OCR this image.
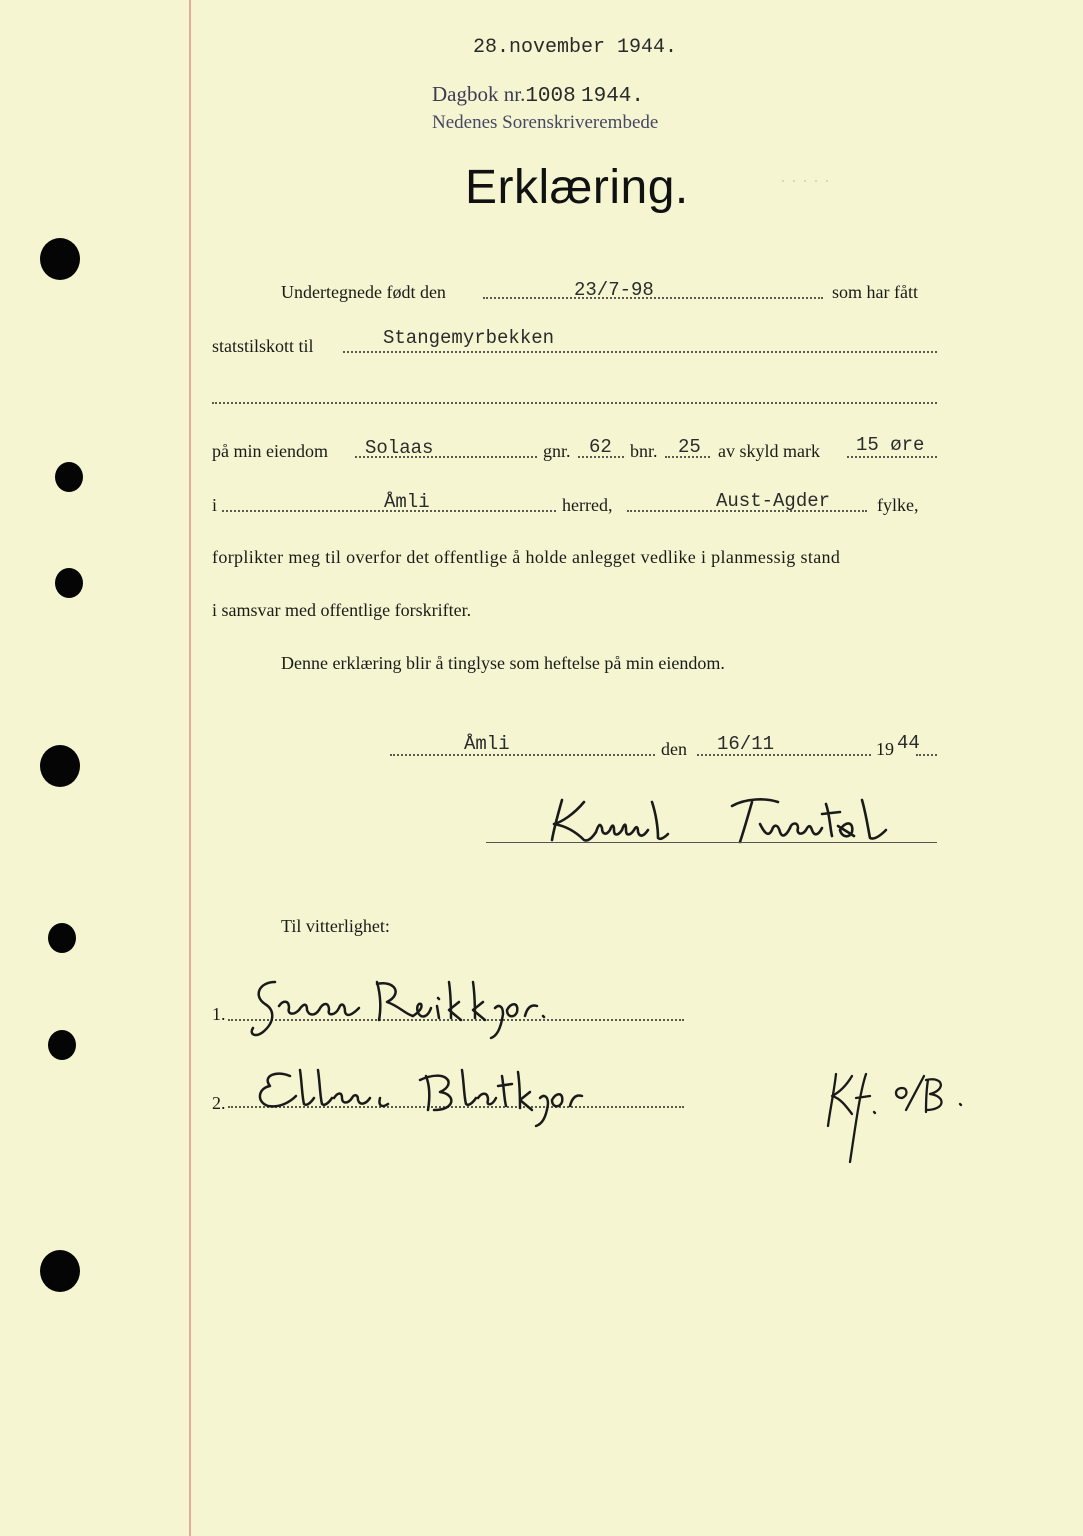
28.november 1944.
Dagbok nr.1008 1944.
Nedenes Sorenskriverembede
· · · · ·
Erklæring.
Undertegnede født den	23/7-98	som har fått
statstilskott til	Stangemyrbekken
på min eiendom Solaas	gnr. 62 bnr. 25 av skyld mark 15 øre
i	Åmli	herred,	Aust-Agder	fylke,
forplikter meg til overfor det offentlige å holde anlegget vedlike i planmessig stand
i samsvar med offentlige forskrifter.
Denne erklæring blir å tinglyse som heftelse på min eiendom.
Åmli	den 16/11	19 44
Til vitterlighet:
1.
2.
